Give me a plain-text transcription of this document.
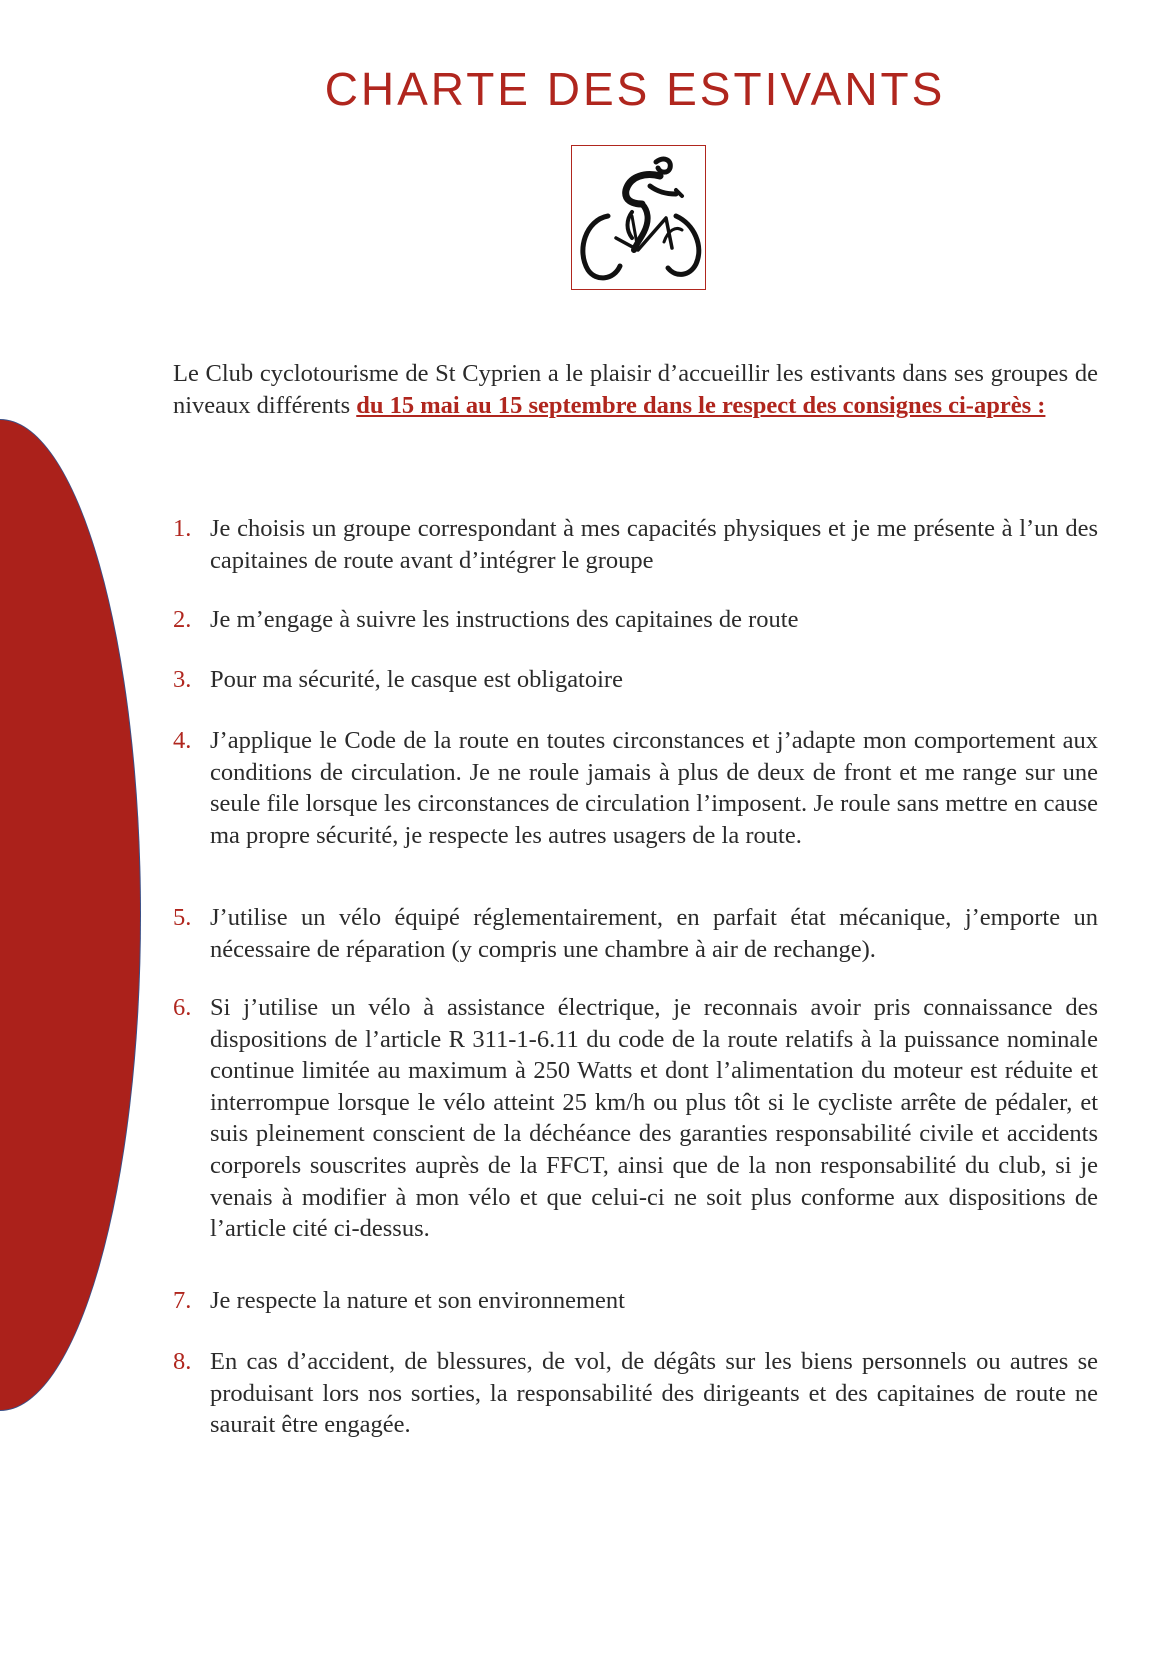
CHARTE DES ESTIVANTS

Le Club cyclotourisme de St Cyprien a le plaisir d’accueillir les estivants dans ses groupes de niveaux différents du 15 mai au 15 septembre dans le respect des consignes ci-après :

1. Je choisis un groupe correspondant à mes capacités physiques et je me présente à l’un des capitaines de route avant d’intégrer le groupe
2. Je m’engage à suivre les instructions des capitaines de route
3. Pour ma sécurité, le casque est obligatoire
4. J’applique le Code de la route en toutes circonstances et j’adapte mon comportement aux conditions de circulation. Je ne roule jamais à plus de deux de front et me range sur une seule file lorsque les circonstances de circulation l’imposent. Je roule sans mettre en cause ma propre sécurité, je respecte les autres usagers de la route.
5. J’utilise un vélo équipé réglementairement, en parfait état mécanique, j’emporte un nécessaire de réparation (y compris une chambre à air de rechange).
6. Si j’utilise un vélo à assistance électrique, je reconnais avoir pris connaissance des dispositions de l’article R 311-1-6.11 du code de la route relatifs à la puissance nominale continue limitée au maximum à 250 Watts et dont l’alimentation du moteur est réduite et interrompue lorsque le vélo atteint 25 km/h ou plus tôt si le cycliste arrête de pédaler, et suis pleinement conscient de la déchéance des garanties responsabilité civile et accidents corporels souscrites auprès de la FFCT, ainsi que de la non responsabilité du club, si je venais à modifier à mon vélo et que celui-ci ne soit plus conforme aux dispositions de l’article cité ci-dessus.
7. Je respecte la nature et son environnement
8. En cas d’accident, de blessures, de vol, de dégâts sur les biens personnels ou autres se produisant lors nos sorties, la responsabilité des dirigeants et des capitaines de route ne saurait être engagée.
